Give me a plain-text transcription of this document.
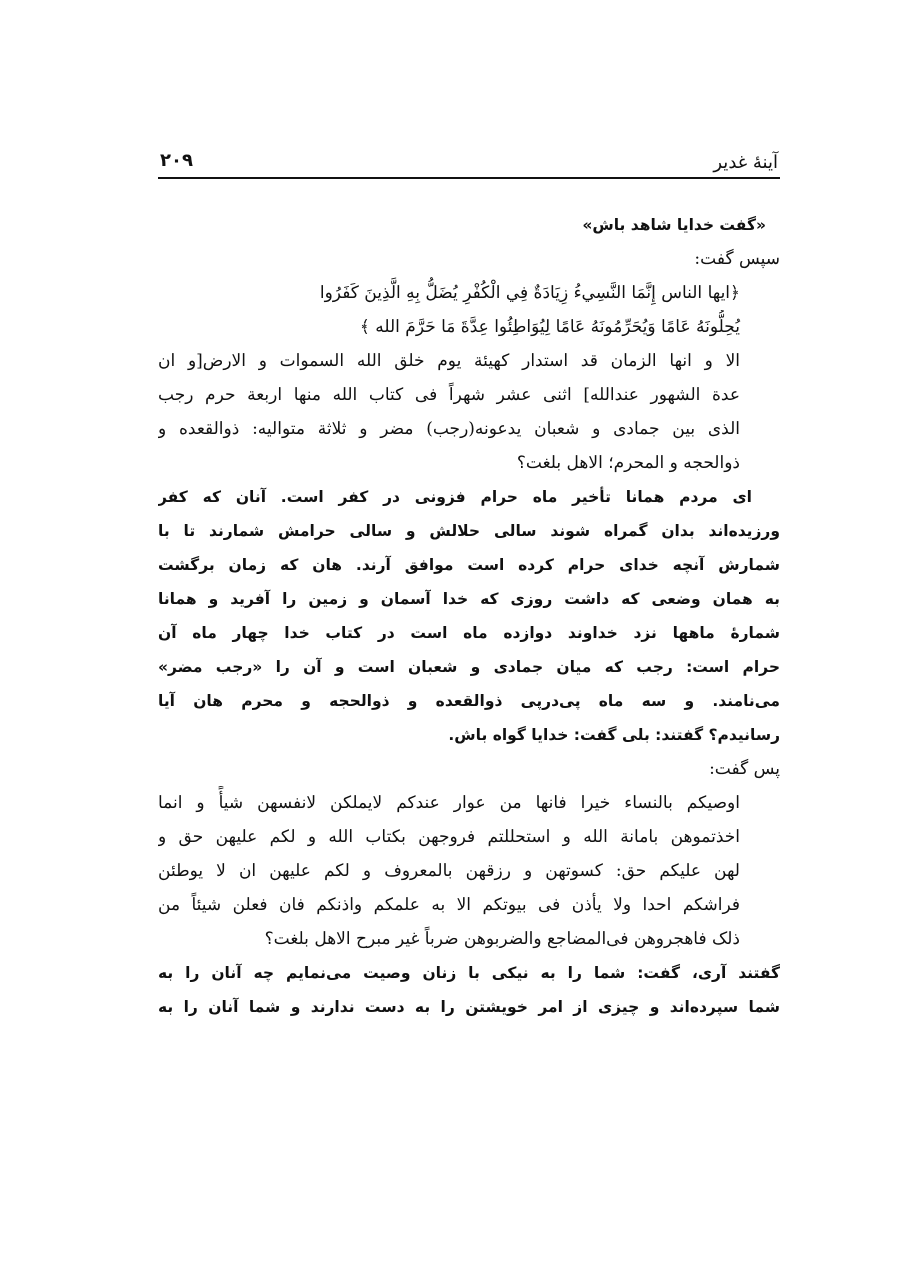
آینهٔ غدیر
۲۰۹
«گفت خدایا شاهد باش»
سپس گفت:
﴿ایها الناس إِنَّمَا النَّسِيءُ زِيَادَةٌ فِي الْكُفْرِ يُضَلُّ بِهِ الَّذِينَ كَفَرُوا
يُحِلُّونَهُ عَامًا وَيُحَرِّمُونَهُ عَامًا لِيُوَاطِئُوا عِدَّةَ مَا حَرَّمَ الله ﴾
الا و انها الزمان قد استدار کهیئة یوم خلق الله السموات و الارض[و ان
عدة الشهور عندالله] اثنی عشر شهراً فی کتاب الله منها اربعة حرم رجب
الذی بین جمادی و شعبان یدعونه(رجب) مضر و ثلاثة متوالیه: ذوالقعده و
ذوالحجه و المحرم؛ الاهل بلغت؟
ای مردم همانا تأخیر ماه حرام فزونی در کفر است. آنان که کفر
ورزیده‌اند بدان گمراه شوند سالی حلالش و سالی حرامش شمارند تا با
شمارش آنچه خدای حرام کرده است موافق آرند. هان که زمان برگشت
به همان وضعی که داشت روزی که خدا آسمان و زمین را آفرید و همانا
شمارهٔ ماهها نزد خداوند دوازده ماه است در کتاب خدا چهار ماه آن
حرام است: رجب که میان جمادی و شعبان است و آن را «رجب مضر»
می‌نامند. و سه ماه پی‌درپی ذوالقعده و ذوالحجه و محرم هان آیا
رسانیدم؟ گفتند: بلی گفت: خدایا گواه باش.
پس گفت:
اوصیکم بالنساء خیرا فانها من عوار عندکم لایملکن لانفسهن شیأً و انما
اخذتموهن بامانة الله و استحللتم فروجهن بکتاب الله و لکم علیهن حق و
لهن علیکم حق: کسوتهن و رزقهن بالمعروف و لکم علیهن ان لا یوطئن
فراشکم احدا ولا یأذن فی بیوتکم الا به علمکم واذنکم فان فعلن شیئاً من
ذلک فاهجروهن فی‌المضاجع والضربوهن ضرباً غیر مبرح الاهل بلغت؟
گفتند آری، گفت: شما را به نیکی با زنان وصیت می‌نمایم چه آنان را به
شما سپرده‌اند و چیزی از امر خویشتن را به دست ندارند و شما آنان را به
